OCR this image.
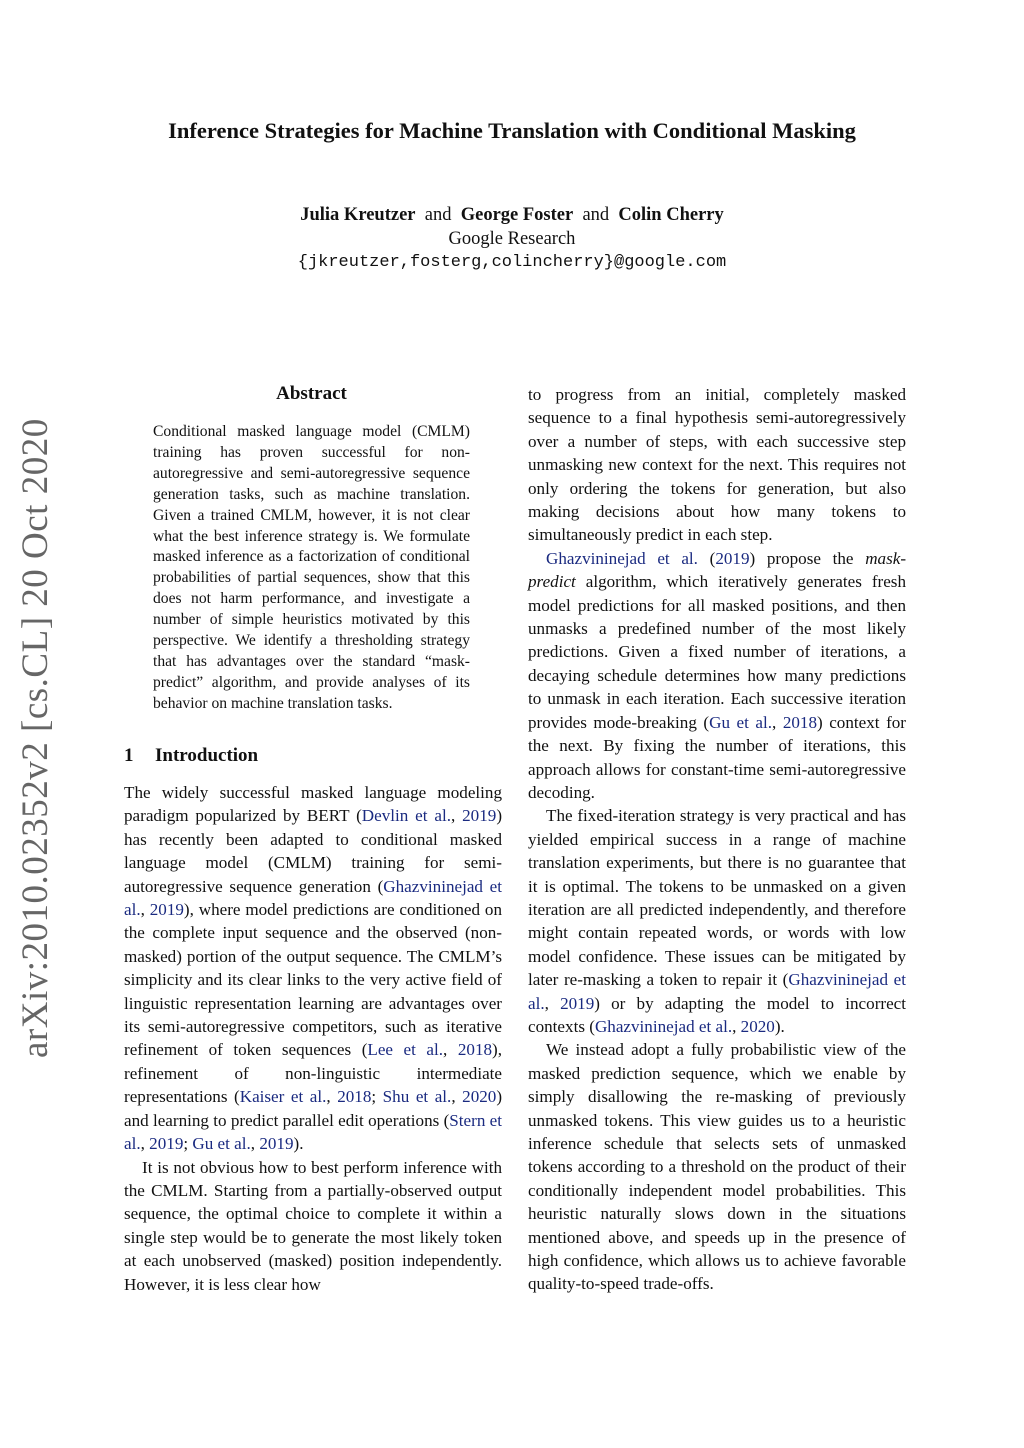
Inference Strategies for Machine Translation with Conditional Masking
Julia Kreutzer and George Foster and Colin Cherry
Google Research
{jkreutzer,fosterg,colincherry}@google.com
arXiv:2010.02352v2 [cs.CL] 20 Oct 2020
Abstract

Conditional masked language model (CMLM) training has proven successful for non-autoregressive and semi-autoregressive sequence generation tasks, such as machine translation. Given a trained CMLM, however, it is not clear what the best inference strategy is. We formulate masked inference as a factorization of conditional probabilities of partial sequences, show that this does not harm performance, and investigate a number of simple heuristics motivated by this perspective. We identify a thresholding strategy that has advantages over the standard “mask-predict” algorithm, and provide analyses of its behavior on machine translation tasks.

1 Introduction

The widely successful masked language modeling paradigm popularized by BERT (Devlin et al., 2019) has recently been adapted to conditional masked language model (CMLM) training for semi-autoregressive sequence generation (Ghazvininejad et al., 2019), where model predictions are conditioned on the complete input sequence and the observed (non-masked) portion of the output sequence. The CMLM’s simplicity and its clear links to the very active field of linguistic representation learning are advantages over its semi-autoregressive competitors, such as iterative refinement of token sequences (Lee et al., 2018), refinement of non-linguistic intermediate representations (Kaiser et al., 2018; Shu et al., 2020) and learning to predict parallel edit operations (Stern et al., 2019; Gu et al., 2019).

It is not obvious how to best perform inference with the CMLM. Starting from a partially-observed output sequence, the optimal choice to complete it within a single step would be to generate the most likely token at each unobserved (masked) position independently. However, it is less clear how

to progress from an initial, completely masked sequence to a final hypothesis semi-autoregressively over a number of steps, with each successive step unmasking new context for the next. This requires not only ordering the tokens for generation, but also making decisions about how many tokens to simultaneously predict in each step.

Ghazvininejad et al. (2019) propose the mask-predict algorithm, which iteratively generates fresh model predictions for all masked positions, and then unmasks a predefined number of the most likely predictions. Given a fixed number of iterations, a decaying schedule determines how many predictions to unmask in each iteration. Each successive iteration provides mode-breaking (Gu et al., 2018) context for the next. By fixing the number of iterations, this approach allows for constant-time semi-autoregressive decoding.

The fixed-iteration strategy is very practical and has yielded empirical success in a range of machine translation experiments, but there is no guarantee that it is optimal. The tokens to be unmasked on a given iteration are all predicted independently, and therefore might contain repeated words, or words with low model confidence. These issues can be mitigated by later re-masking a token to repair it (Ghazvininejad et al., 2019) or by adapting the model to incorrect contexts (Ghazvininejad et al., 2020).

We instead adopt a fully probabilistic view of the masked prediction sequence, which we enable by simply disallowing the re-masking of previously unmasked tokens. This view guides us to a heuristic inference schedule that selects sets of unmasked tokens according to a threshold on the product of their conditionally independent model probabilities. This heuristic naturally slows down in the situations mentioned above, and speeds up in the presence of high confidence, which allows us to achieve favorable quality-to-speed trade-offs.
